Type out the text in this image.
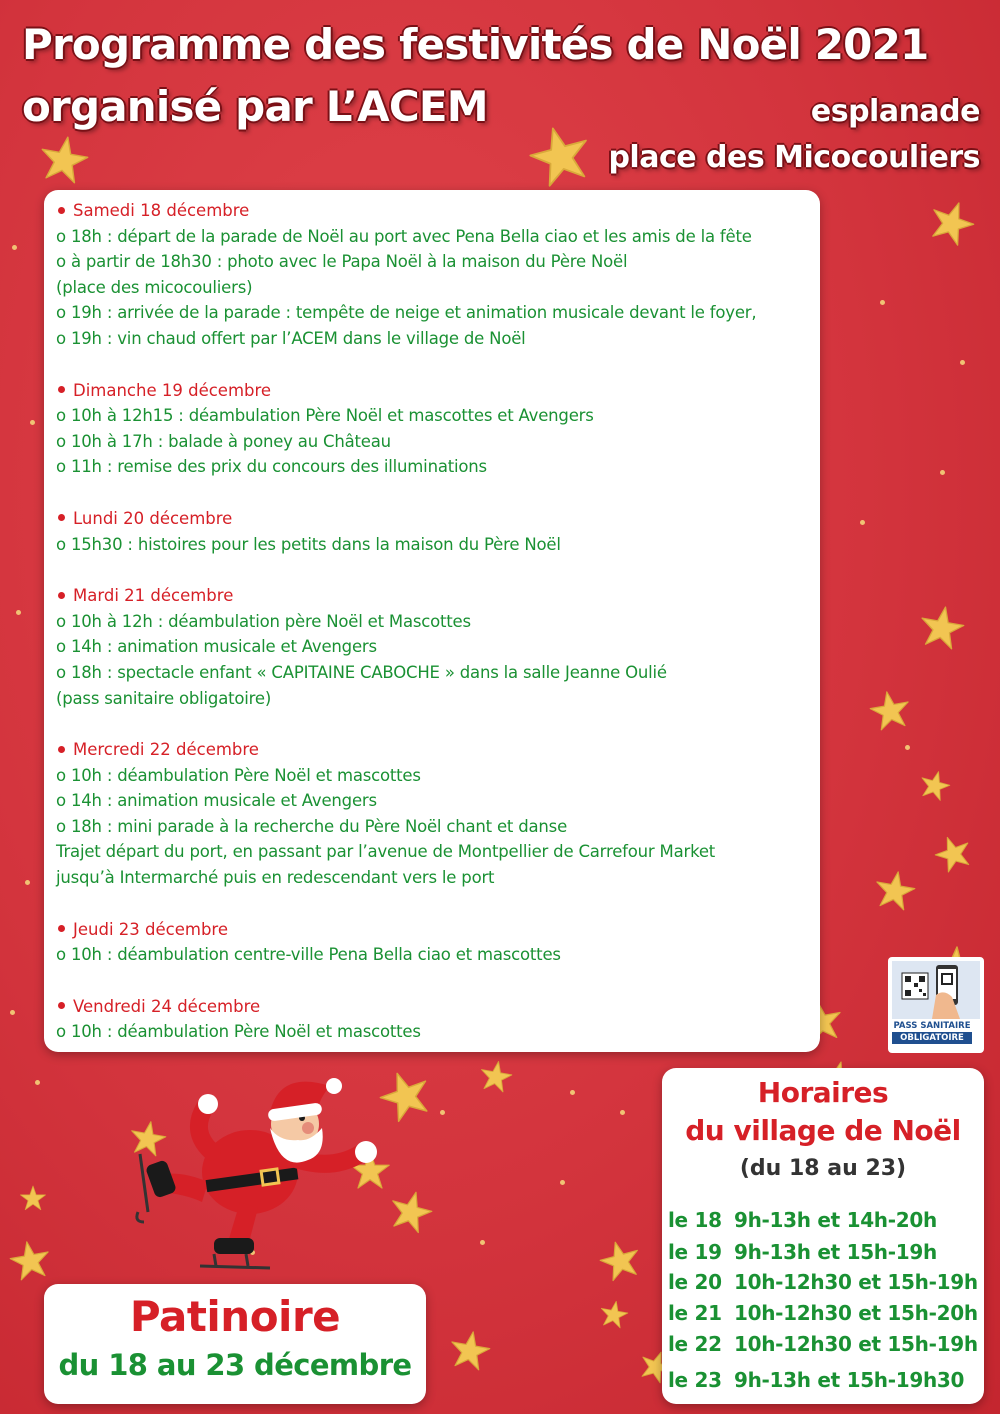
Programme des festivités de Noël 2021
organisé par L’ACEM	esplanade
place des Micocouliers
Samedi 18 décembre
o 18h : départ de la parade de Noël au port avec Pena Bella ciao et les amis de la fête
o à partir de 18h30 : photo avec le Papa Noël à la maison du Père Noël
(place des micocouliers)
o 19h : arrivée de la parade : tempête de neige et animation musicale devant le foyer,
o 19h : vin chaud offert par l’ACEM dans le village de Noël
Dimanche 19 décembre
o 10h à 12h15 : déambulation Père Noël et mascottes et Avengers
o 10h à 17h : balade à poney au Château
o 11h : remise des prix du concours des illuminations
Lundi 20 décembre
o 15h30 : histoires pour les petits dans la maison du Père Noël
Mardi 21 décembre
o 10h à 12h : déambulation père Noël et Mascottes
o 14h : animation musicale et Avengers
o 18h : spectacle enfant « CAPITAINE CABOCHE » dans la salle Jeanne Oulié
(pass sanitaire obligatoire)
Mercredi 22 décembre
o 10h : déambulation Père Noël et mascottes
o 14h : animation musicale et Avengers
o 18h : mini parade à la recherche du Père Noël chant et danse
Trajet départ du port, en passant par l’avenue de Montpellier de Carrefour Market
jusqu’à Intermarché puis en redescendant vers le port
Jeudi 23 décembre
o 10h : déambulation centre-ville Pena Bella ciao et mascottes
Vendredi 24 décembre
o 10h : déambulation Père Noël et mascottes	PASS SANITAIRE
OBLIGATOIRE
Horaires
du village de Noël
(du 18 au 23)
le 18 9h-13h et 14h-20h
le 19 9h-13h et 15h-19h
le 20 10h-12h30 et 15h-19h
le 21 10h-12h30 et 15h-20h
le 22 10h-12h30 et 15h-19h
le 23 9h-13h et 15h-19h30
Patinoire
du 18 au 23 décembre
